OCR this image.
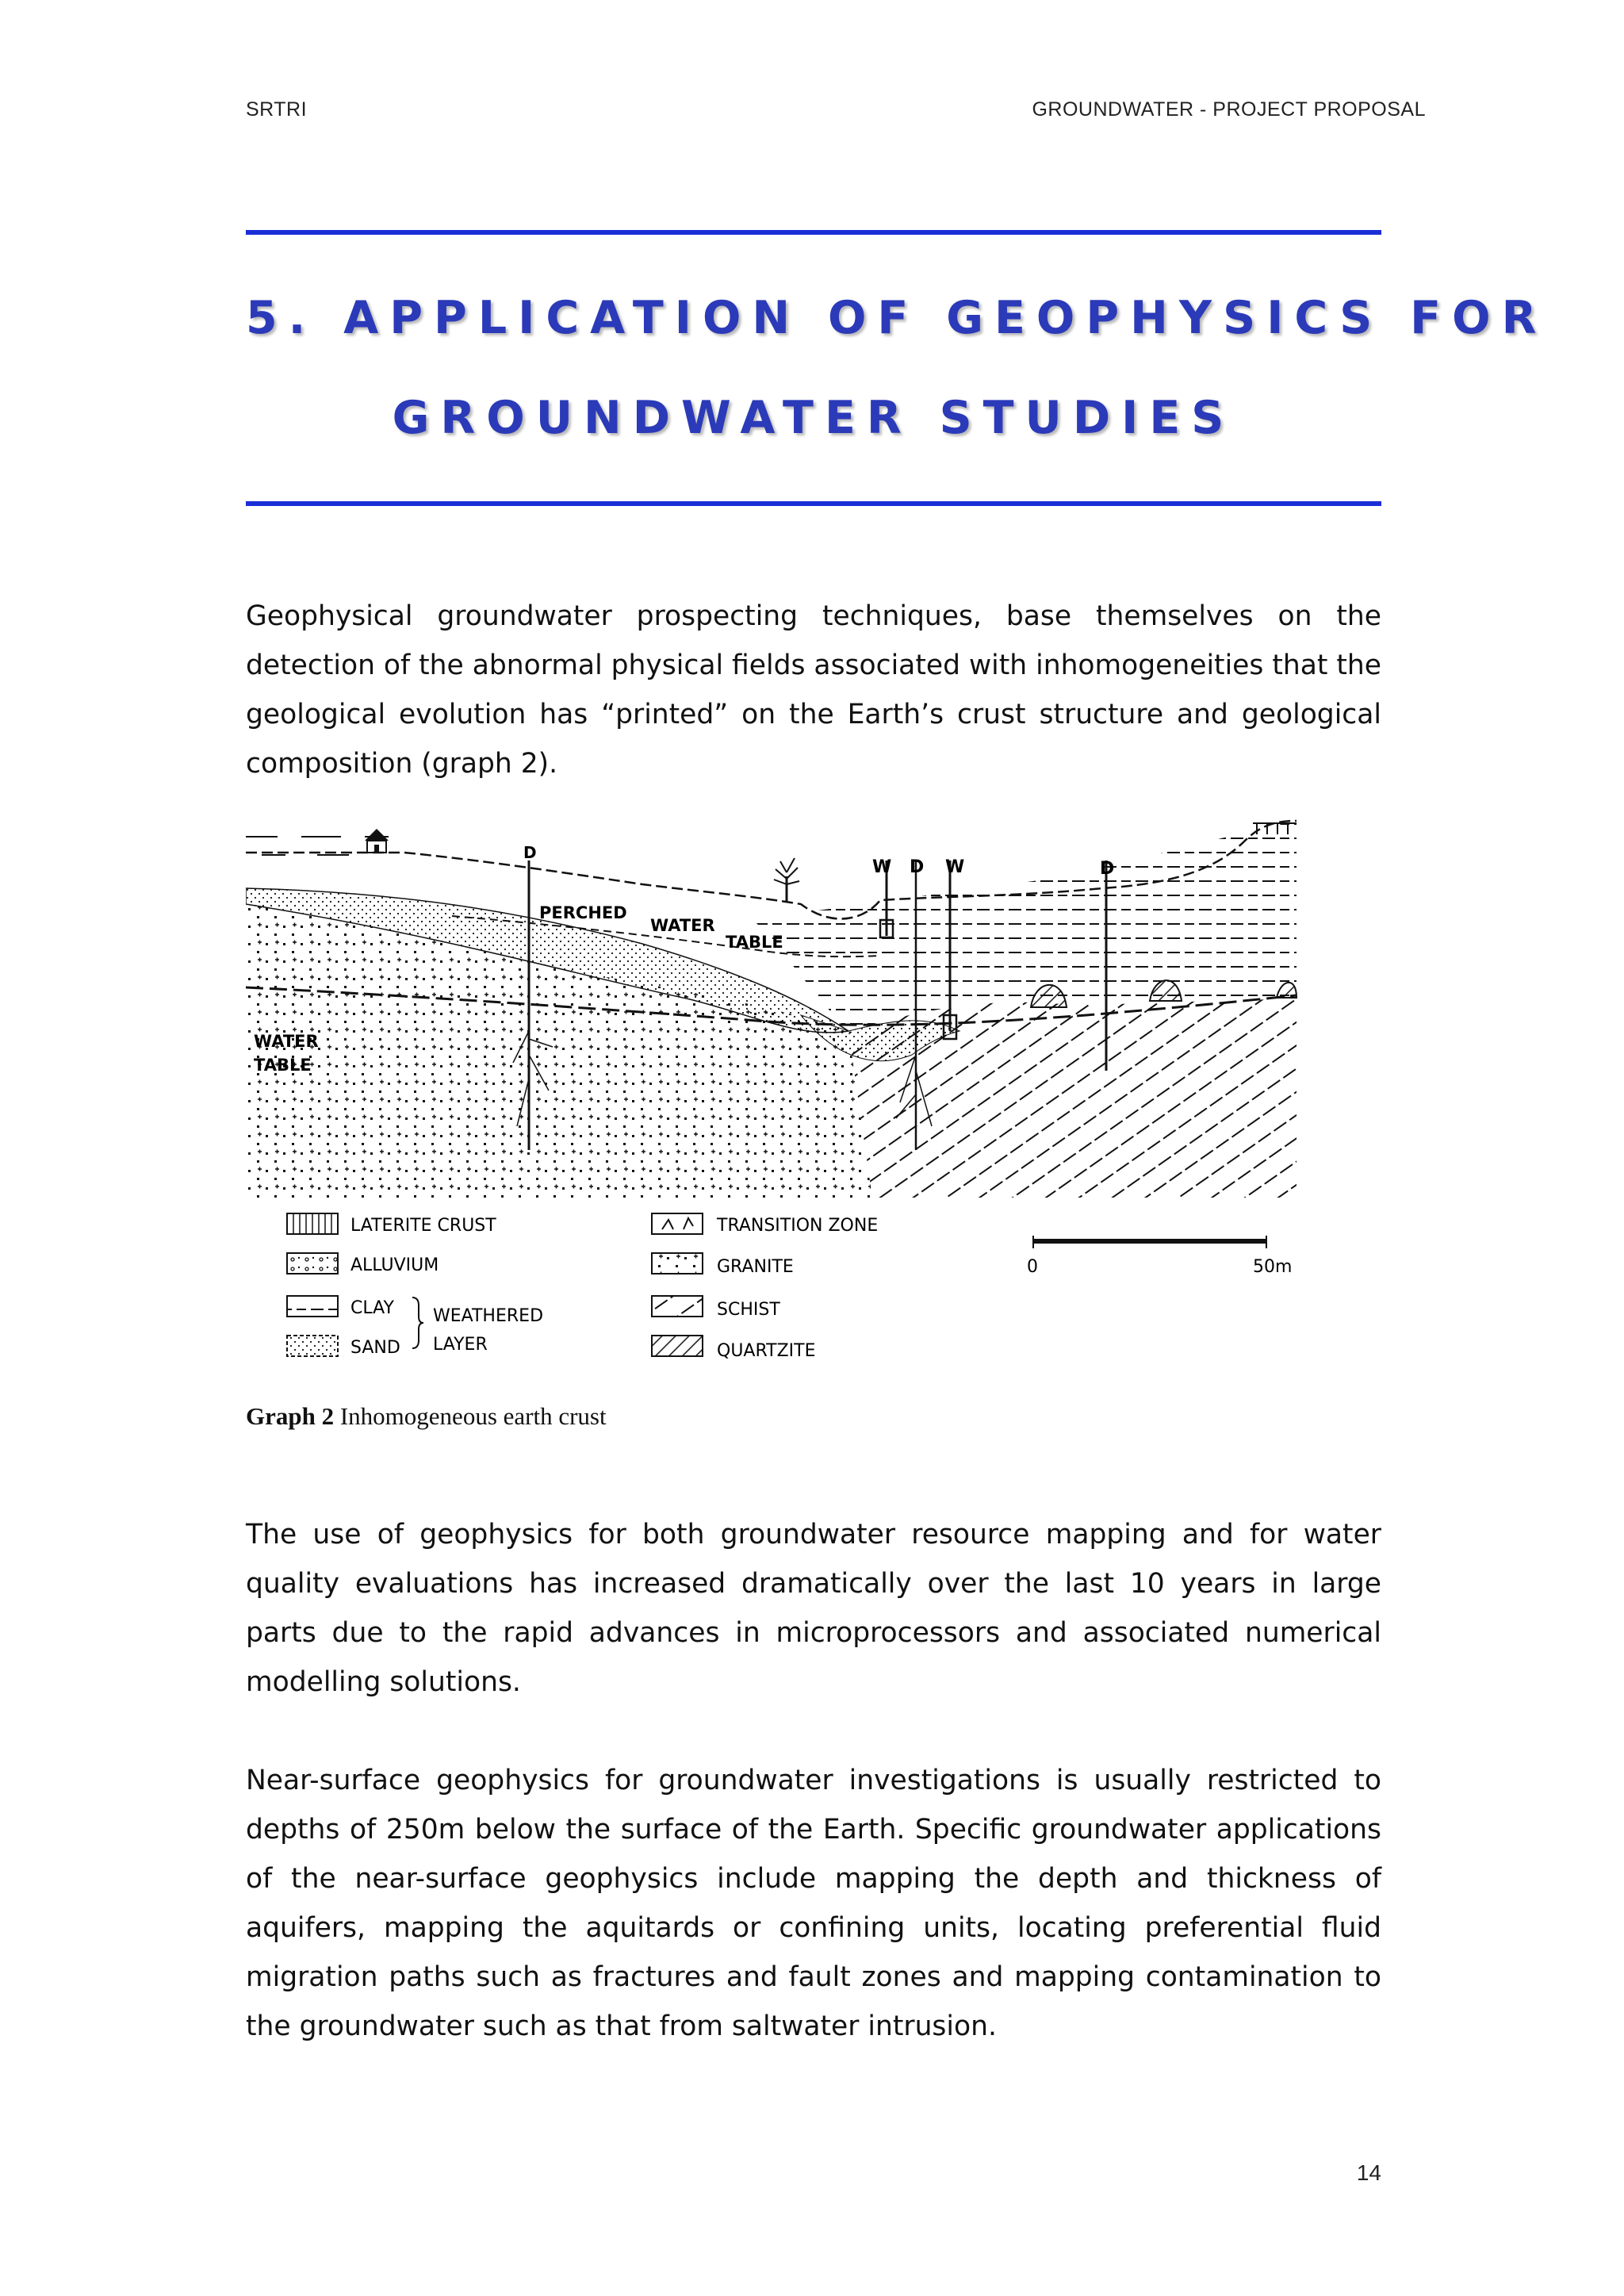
SRTRI	GROUNDWATER - PROJECT PROPOSAL
5. APPLICATION OF GEOPHYSICS FOR
GROUNDWATER STUDIES

Geophysical groundwater prospecting techniques, base themselves on the detection of the abnormal physical fields associated with inhomogeneities that the geological evolution has “printed” on the Earth’s crust structure and geological composition (graph 2).

D
W D W	D
PERCHED
WATER
TABLE
WATER
TABLE
LATERITE CRUST
ALLUVIUM
CLAY
SAND
WEATHERED
LAYER
TRANSITION ZONE
GRANITE
SCHIST
QUARTZITE
0	50m
Graph 2 Inhomogeneous earth crust

The use of geophysics for both groundwater resource mapping and for water quality evaluations has increased dramatically over the last 10 years in large parts due to the rapid advances in microprocessors and associated numerical modelling solutions.

Near-surface geophysics for groundwater investigations is usually restricted to depths of 250m below the surface of the Earth. Specific groundwater applications of the near-surface geophysics include mapping the depth and thickness of aquifers, mapping the aquitards or confining units, locating preferential fluid migration paths such as fractures and fault zones and mapping contamination to the groundwater such as that from saltwater intrusion.

14
